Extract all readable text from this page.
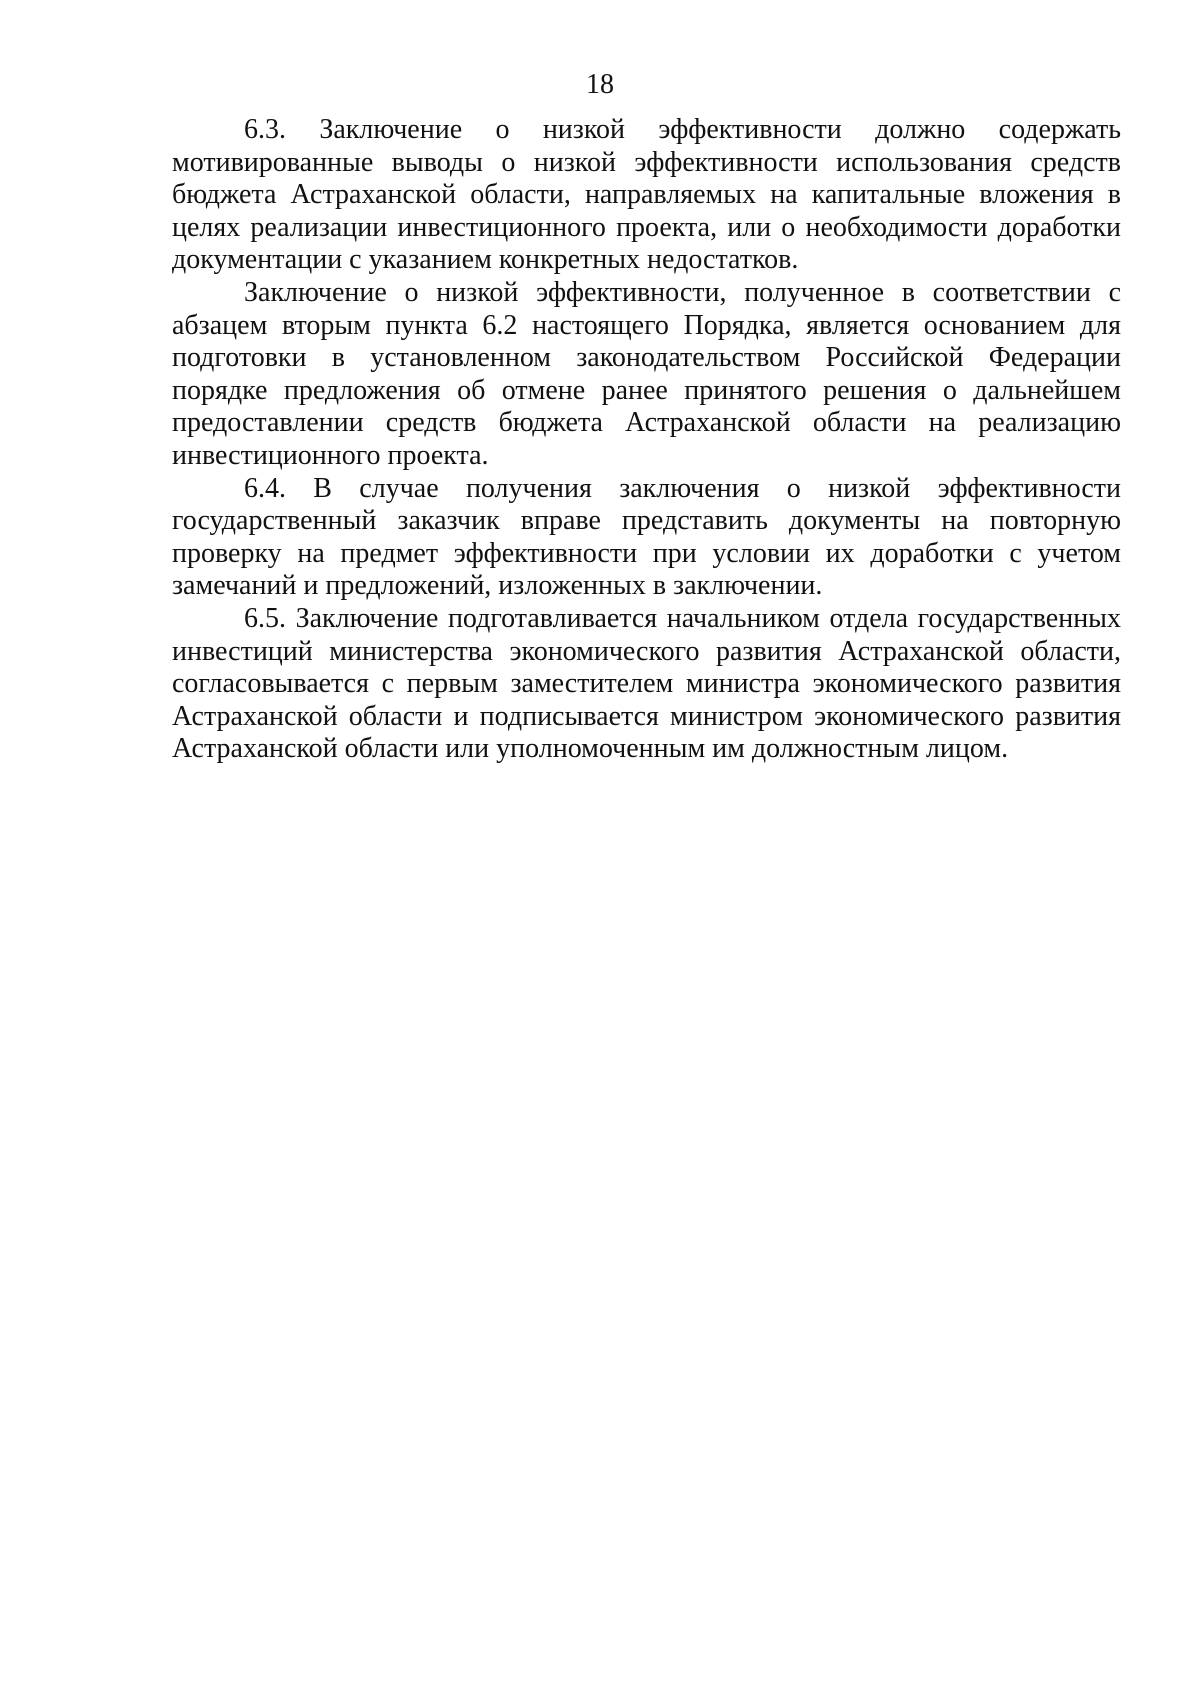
18

6.3. Заключение о низкой эффективности должно содержать мотивированные выводы о низкой эффективности использования средств бюджета Астраханской области, направляемых на капитальные вложения в целях реализации инвестиционного проекта, или о необходимости доработки документации с указанием конкретных недостатков.

Заключение о низкой эффективности, полученное в соответствии с абзацем вторым пункта 6.2 настоящего Порядка, является основанием для подготовки в установленном законодательством Российской Федерации порядке предложения об отмене ранее принятого решения о дальнейшем предоставлении средств бюджета Астраханской области на реализацию инвестиционного проекта.

6.4. В случае получения заключения о низкой эффективности государственный заказчик вправе представить документы на повторную проверку на предмет эффективности при условии их доработки с учетом замечаний и предложений, изложенных в заключении.

6.5. Заключение подготавливается начальником отдела государственных инвестиций министерства экономического развития Астраханской области, согласовывается с первым заместителем министра экономического развития Астраханской области и подписывается министром экономического развития Астраханской области или уполномоченным им должностным лицом.
